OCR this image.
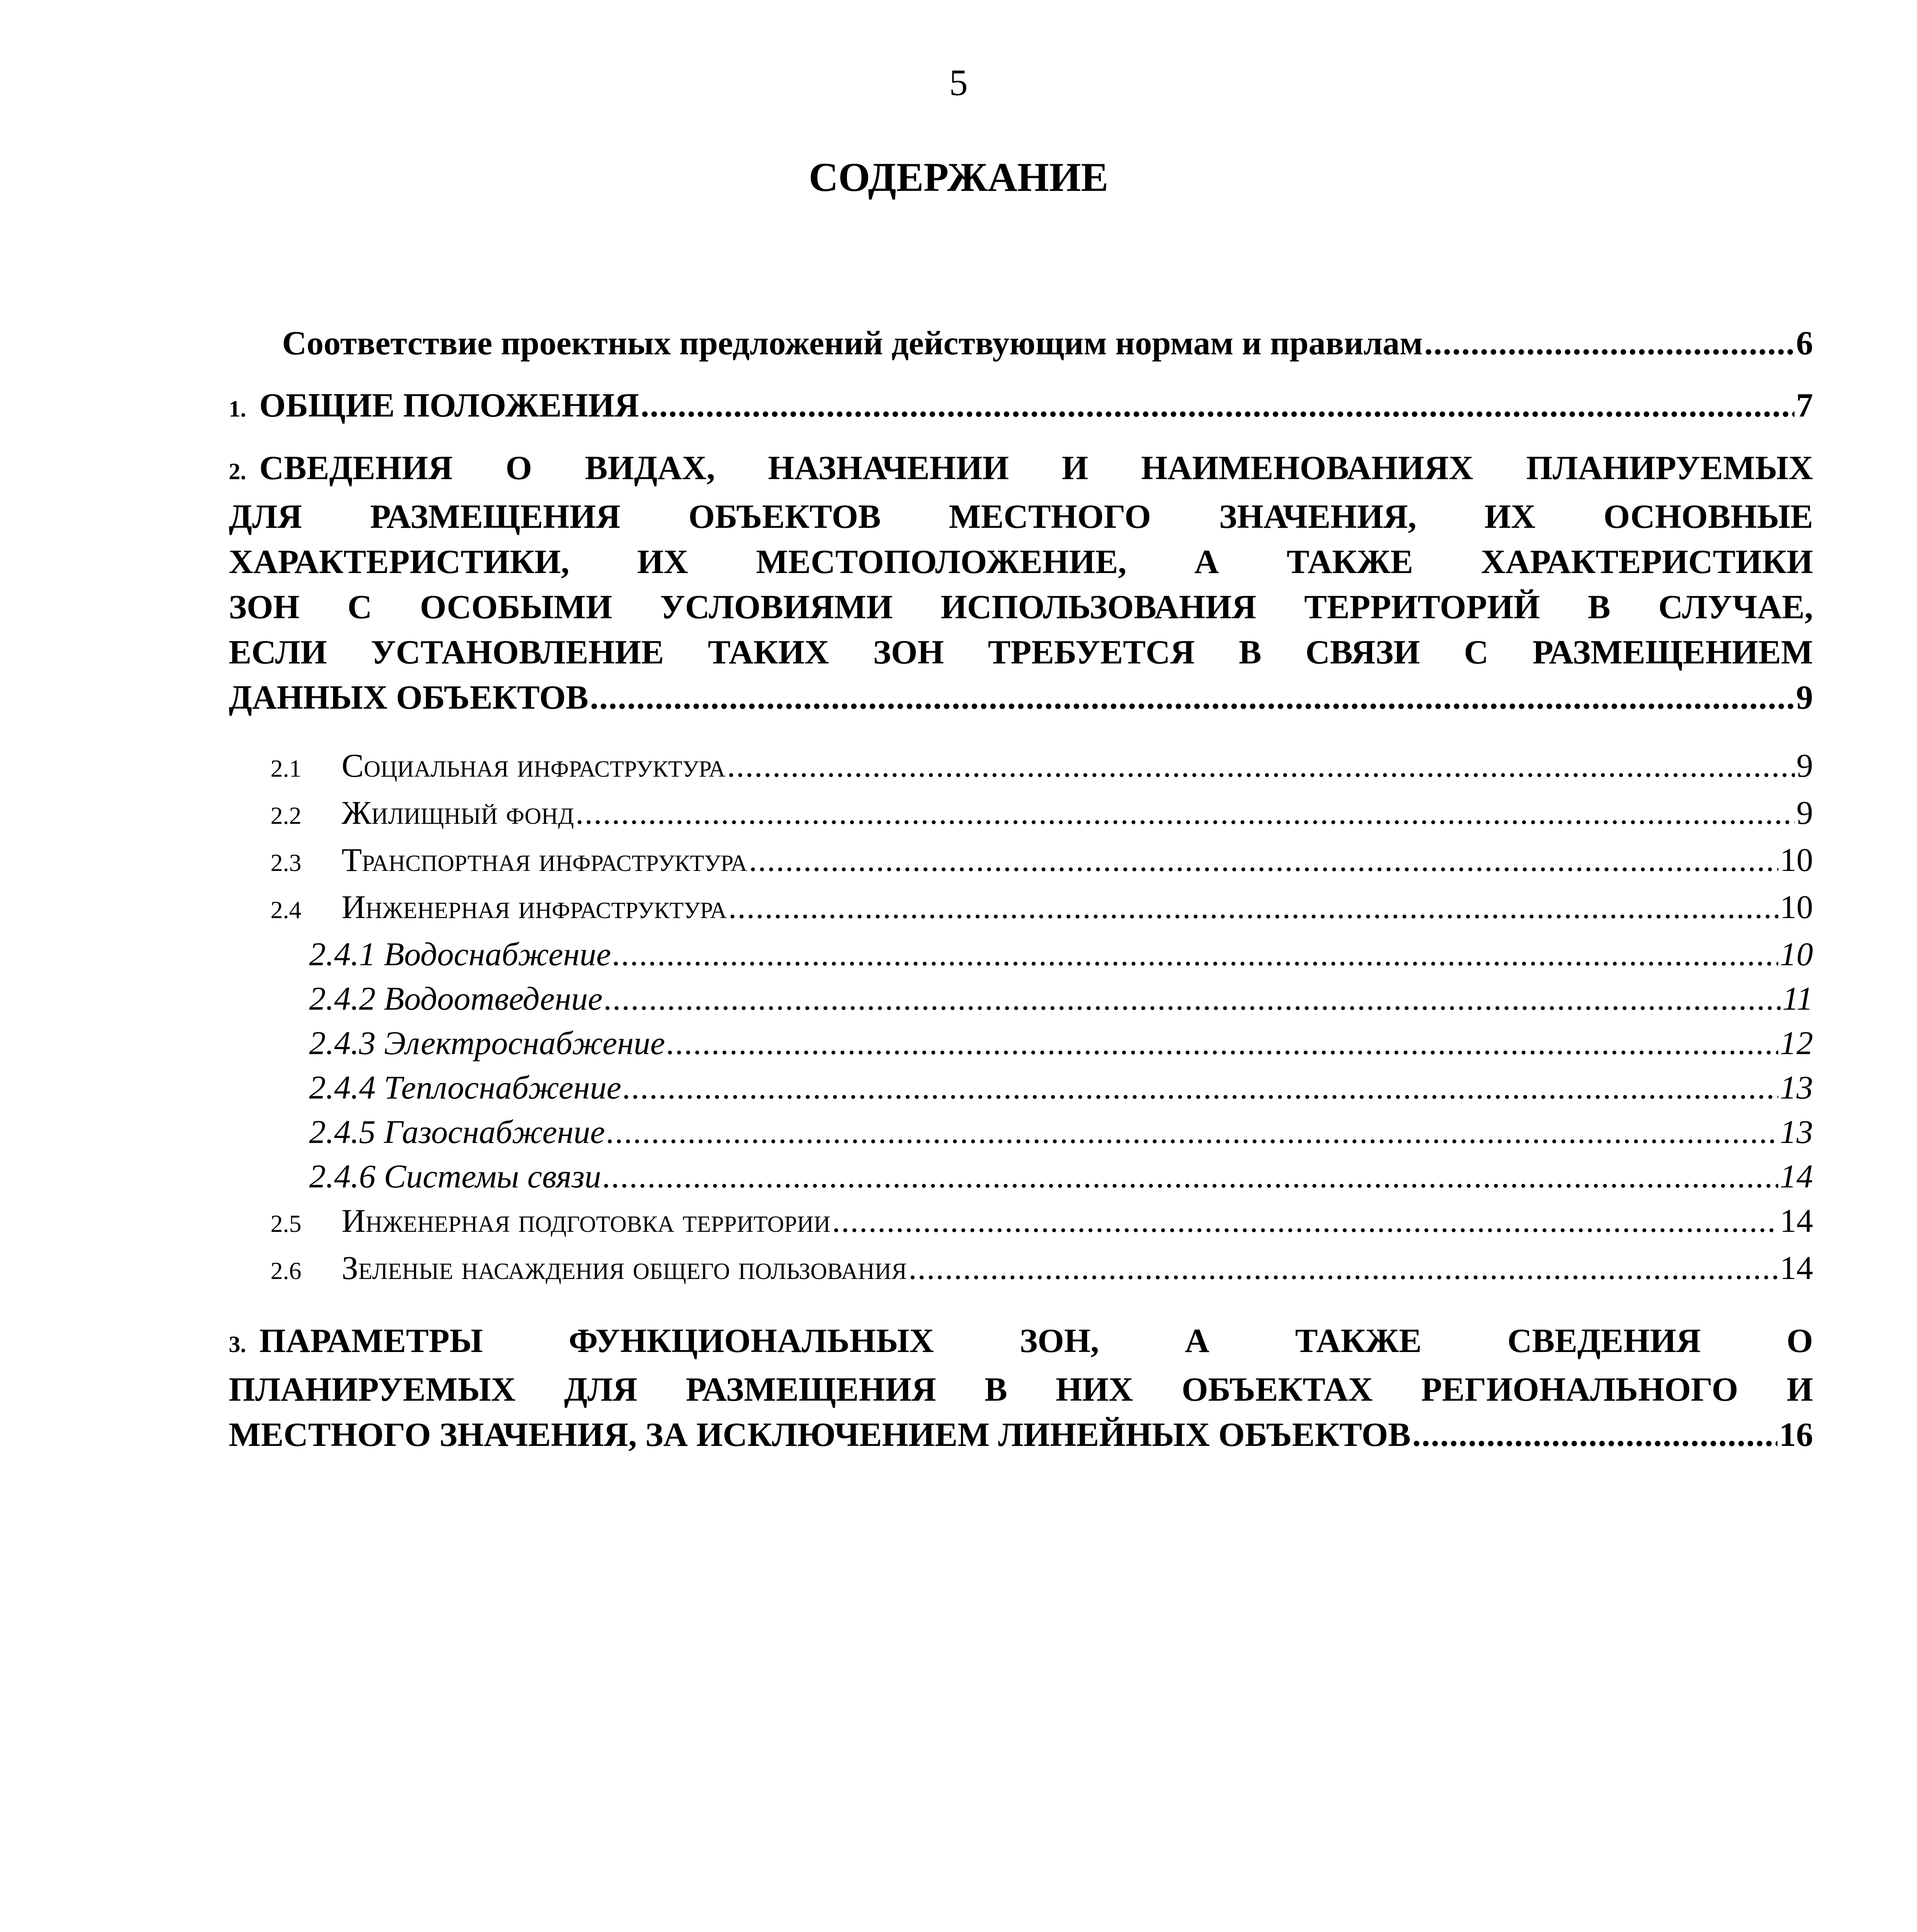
5
СОДЕРЖАНИЕ
Соответствие проектных предложений действующим нормам и правилам .....	6
1. ОБЩИЕ ПОЛОЖЕНИЯ .....	7
2. СВЕДЕНИЯ О ВИДАХ, НАЗНАЧЕНИИ И НАИМЕНОВАНИЯХ ПЛАНИРУЕМЫХ
ДЛЯ РАЗМЕЩЕНИЯ ОБЪЕКТОВ МЕСТНОГО ЗНАЧЕНИЯ, ИХ ОСНОВНЫЕ
ХАРАКТЕРИСТИКИ, ИХ МЕСТОПОЛОЖЕНИЕ, А ТАКЖЕ ХАРАКТЕРИСТИКИ
ЗОН С ОСОБЫМИ УСЛОВИЯМИ ИСПОЛЬЗОВАНИЯ ТЕРРИТОРИЙ В СЛУЧАЕ,
ЕСЛИ УСТАНОВЛЕНИЕ ТАКИХ ЗОН ТРЕБУЕТСЯ В СВЯЗИ С РАЗМЕЩЕНИЕМ
ДАННЫХ ОБЪЕКТОВ .....	9
2.1 Социальная инфраструктура .....	9
2.2 Жилищный фонд .....	9
2.3 Транспортная инфраструктура .....	10
2.4 Инженерная инфраструктура .....	10
2.4.1 Водоснабжение .....	10
2.4.2 Водоотведение .....	11
2.4.3 Электроснабжение .....	12
2.4.4 Теплоснабжение .....	13
2.4.5 Газоснабжение .....	13
2.4.6 Системы связи .....	14
2.5 Инженерная подготовка территории .....	14
2.6 Зеленые насаждения общего пользования .....	14
3. ПАРАМЕТРЫ ФУНКЦИОНАЛЬНЫХ ЗОН, А ТАКЖЕ СВЕДЕНИЯ О
ПЛАНИРУЕМЫХ ДЛЯ РАЗМЕЩЕНИЯ В НИХ ОБЪЕКТАХ РЕГИОНАЛЬНОГО И
МЕСТНОГО ЗНАЧЕНИЯ, ЗА ИСКЛЮЧЕНИЕМ ЛИНЕЙНЫХ ОБЪЕКТОВ .....	16
